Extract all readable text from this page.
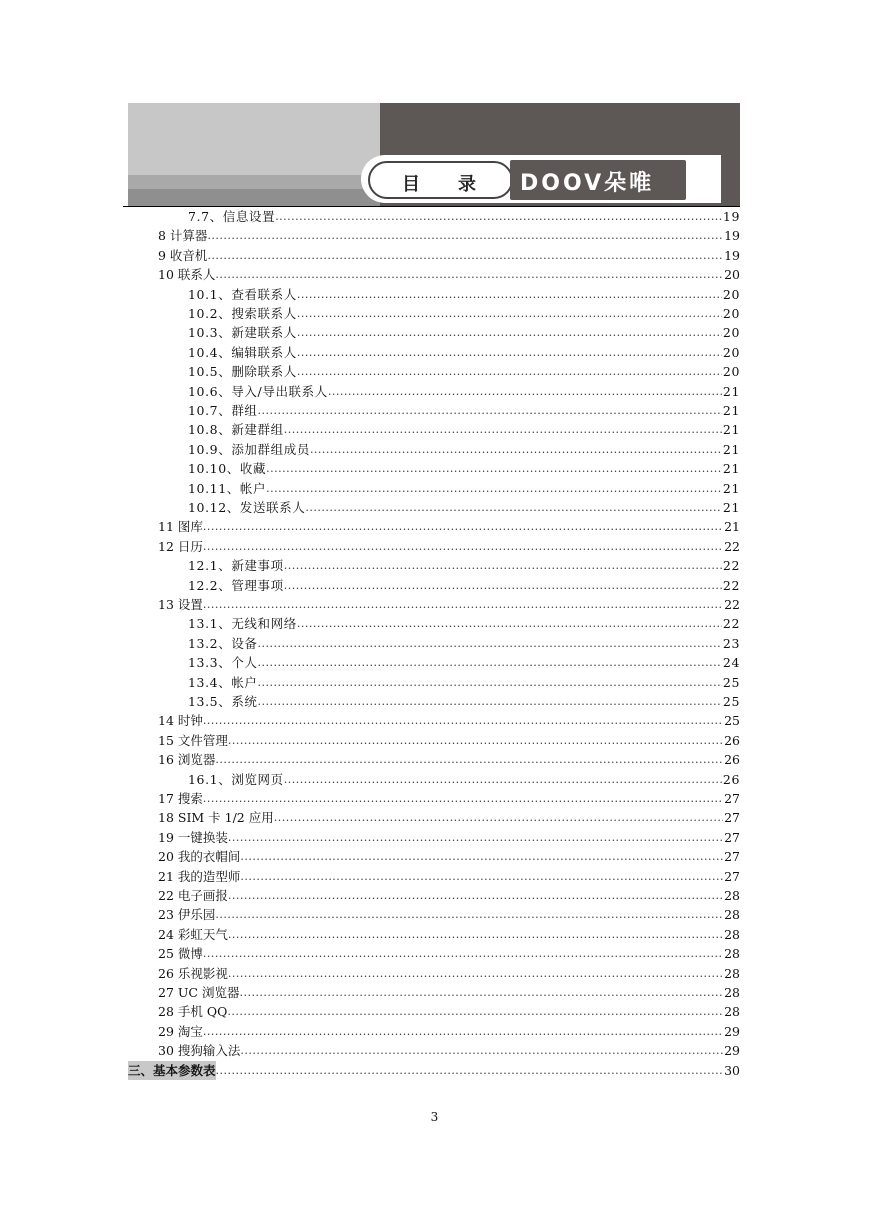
目 录 DOOV朵唯
7.7、信息设置 .....	19
8 计算器 .....	19
9 收音机 .....	19
10 联系人 .....	20
10.1、查看联系人 .....	20
10.2、搜索联系人 .....	20
10.3、新建联系人 .....	20
10.4、编辑联系人 .....	20
10.5、删除联系人 .....	20
10.6、导入/导出联系人 .....	21
10.7、群组 .....	21
10.8、新建群组 .....	21
10.9、添加群组成员 .....	21
10.10、收藏 .....	21
10.11、帐户 .....	21
10.12、发送联系人 .....	21
11 图库 .....	21
12 日历 .....	22
12.1、新建事项 .....	22
12.2、管理事项 .....	22
13 设置 .....	22
13.1、无线和网络 .....	22
13.2、设备 .....	23
13.3、个人 .....	24
13.4、帐户 .....	25
13.5、系统 .....	25
14 时钟 .....	25
15 文件管理 .....	26
16 浏览器 .....	26
16.1、浏览网页 .....	26
17 搜索 .....	27
18 SIM 卡 1/2 应用 .....	27
19 一键换装 .....	27
20 我的衣帽间 .....	27
21 我的造型师 .....	27
22 电子画报 .....	28
23 伊乐园 .....	28
24 彩虹天气 .....	28
25 微博 .....	28
26 乐视影视 .....	28
27 UC 浏览器 .....	28
28 手机 QQ .....	28
29 淘宝 .....	29
30 搜狗输入法 .....	29
三、基本参数表 .....	30
3
